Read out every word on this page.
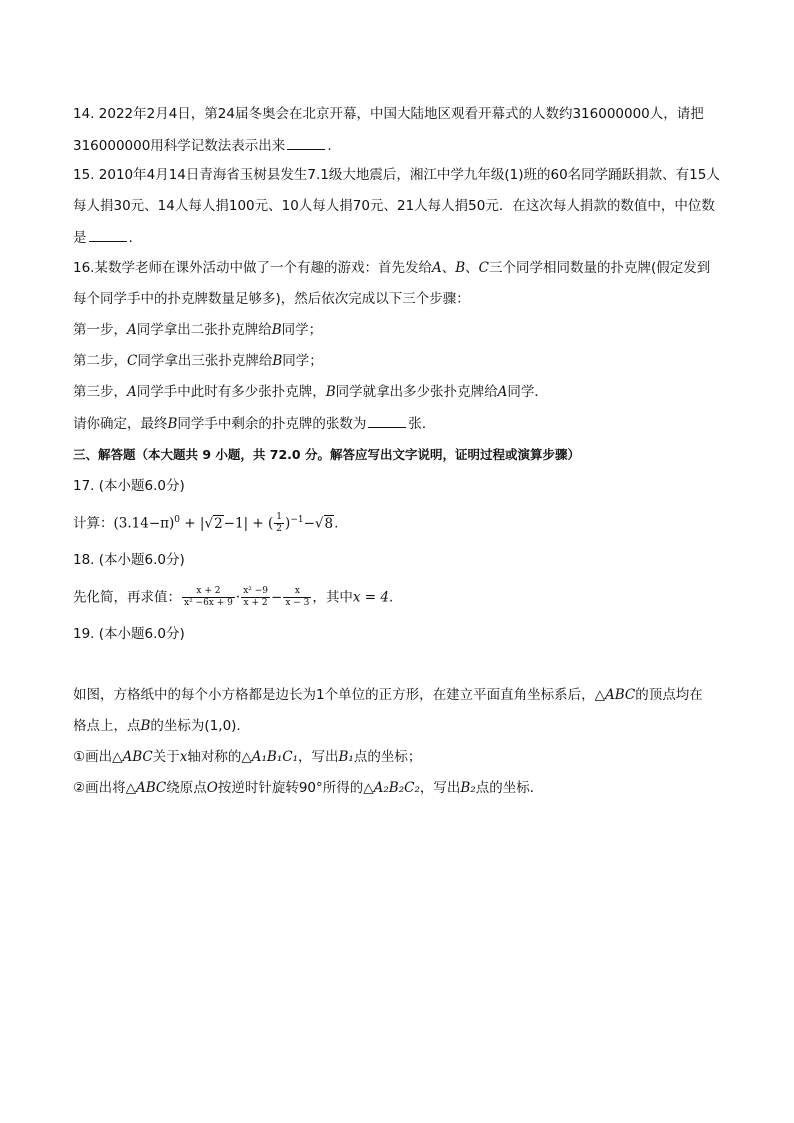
14. 2022年2月4日，第24届冬奥会在北京开幕，中国大陆地区观看开幕式的人数约316000000人，请把
316000000用科学记数法表示出来	.
15. 2010年4月14日青海省玉树县发生7.1级大地震后，湘江中学九年级(1)班的60名同学踊跃捐款、有15人
每人捐30元、14人每人捐100元、10人每人捐70元、21人每人捐50元．在这次每人捐款的数值中，中位数
是	.
16.某数学老师在课外活动中做了一个有趣的游戏：首先发给A、B、C三个同学相同数量的扑克牌(假定发到
每个同学手中的扑克牌数量足够多)，然后依次完成以下三个步骤：
第一步，A同学拿出二张扑克牌给B同学；
第二步，C同学拿出三张扑克牌给B同学；
第三步，A同学手中此时有多少张扑克牌，B同学就拿出多少张扑克牌给A同学．
请你确定，最终B同学手中剩余的扑克牌的张数为	张．
三、解答题（本大题共 9 小题，共 72.0 分。解答应写出文字说明，证明过程或演算步骤）
17. (本小题6.0分)
计算：$(3.14-\pi)^0 + |√2-1|$ + ( $\frac{1}{2} )^{-1}-√8$.
18. (本小题6.0分)
先化简，再求值： $\frac{x + 2}{\text{x² −6x + 9}} \cdot \frac{\text{x² −9}}{x + 2} - \frac{x}{x - 3}$ ，其中x = 4.
19. (本小题6.0分)
如图，方格纸中的每个小方格都是边长为1个单位的正方形，在建立平面直角坐标系后，△ABC的顶点均在
格点上，点B的坐标为(1,0).
①画出△ABC关于x轴对称的△A₁B₁C₁，写出B₁点的坐标；
②画出将△ABC绕原点O按逆时针旋转90°所得的△A₂B₂C₂，写出B₂点的坐标．
